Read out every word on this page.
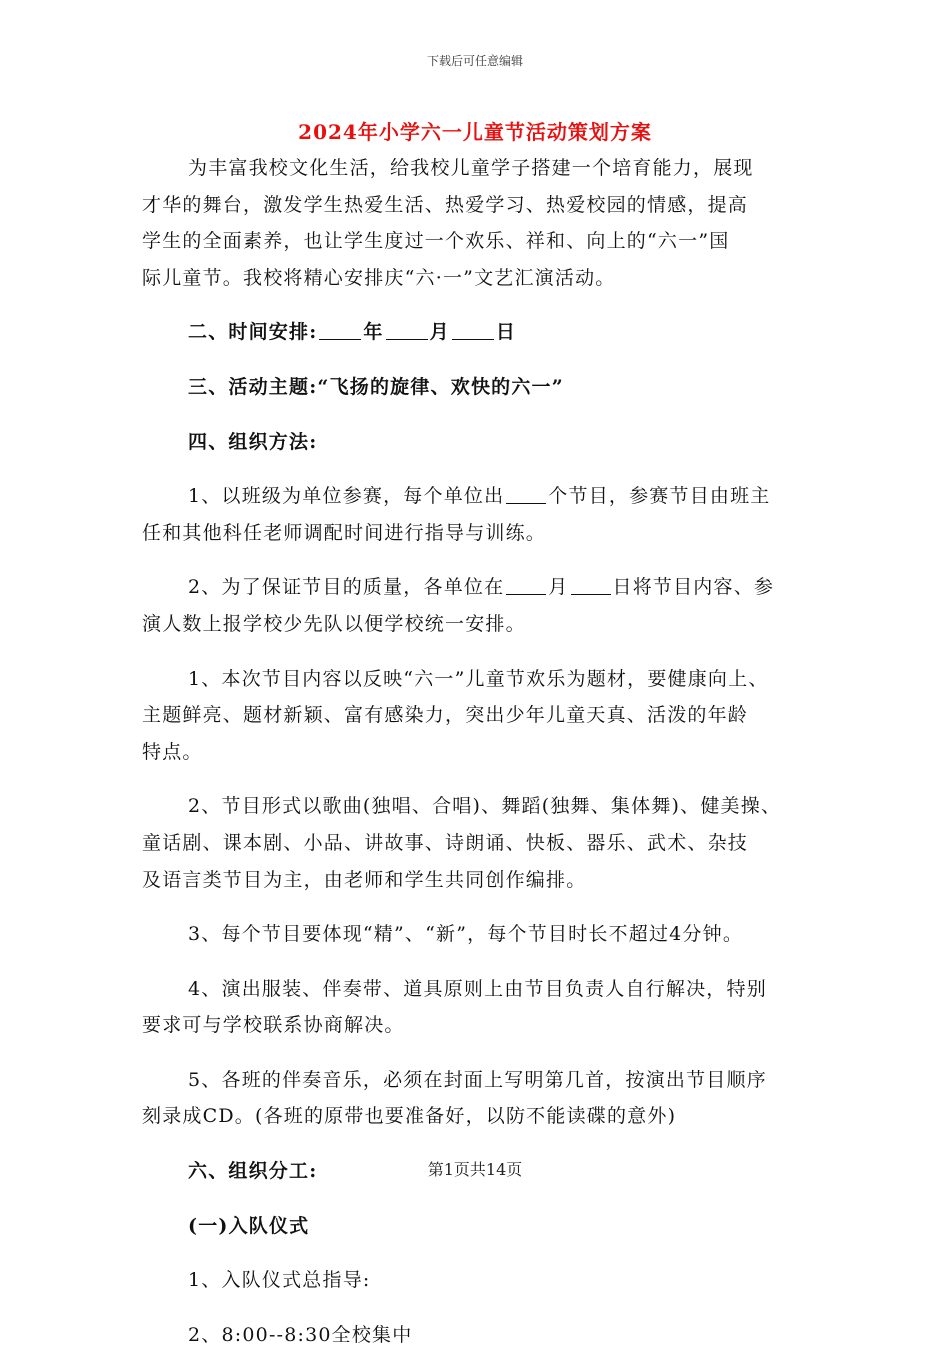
下载后可任意编辑
2024年小学六一儿童节活动策划方案
为丰富我校文化生活，给我校儿童学子搭建一个培育能力，展现
才华的舞台，激发学生热爱生活、热爱学习、热爱校园的情感，提高
学生的全面素养，也让学生度过一个欢乐、祥和、向上的“六一”国
际儿童节。我校将精心安排庆“六·一”文艺汇演活动。
二、时间安排: 年 月 日
三、活动主题:“飞扬的旋律、欢快的六一”
四、组织方法:
1、以班级为单位参赛，每个单位出 个节目，参赛节目由班主
任和其他科任老师调配时间进行指导与训练。
2、为了保证节目的质量，各单位在 月 日将节目内容、参
演人数上报学校少先队以便学校统一安排。
1、本次节目内容以反映“六一”儿童节欢乐为题材，要健康向上、
主题鲜亮、题材新颖、富有感染力，突出少年儿童天真、活泼的年龄
特点。
2、节目形式以歌曲(独唱、合唱)、舞蹈(独舞、集体舞)、健美操、
童话剧、课本剧、小品、讲故事、诗朗诵、快板、器乐、武术、杂技
及语言类节目为主，由老师和学生共同创作编排。
3、每个节目要体现“精”、“新”，每个节目时长不超过4分钟。
4、演出服装、伴奏带、道具原则上由节目负责人自行解决，特别
要求可与学校联系协商解决。
5、各班的伴奏音乐，必须在封面上写明第几首，按演出节目顺序
刻录成CD。(各班的原带也要准备好，以防不能读碟的意外)
六、组织分工:
(一)入队仪式
1、入队仪式总指导:
2、8:00--8:30全校集中
第1页共14页
